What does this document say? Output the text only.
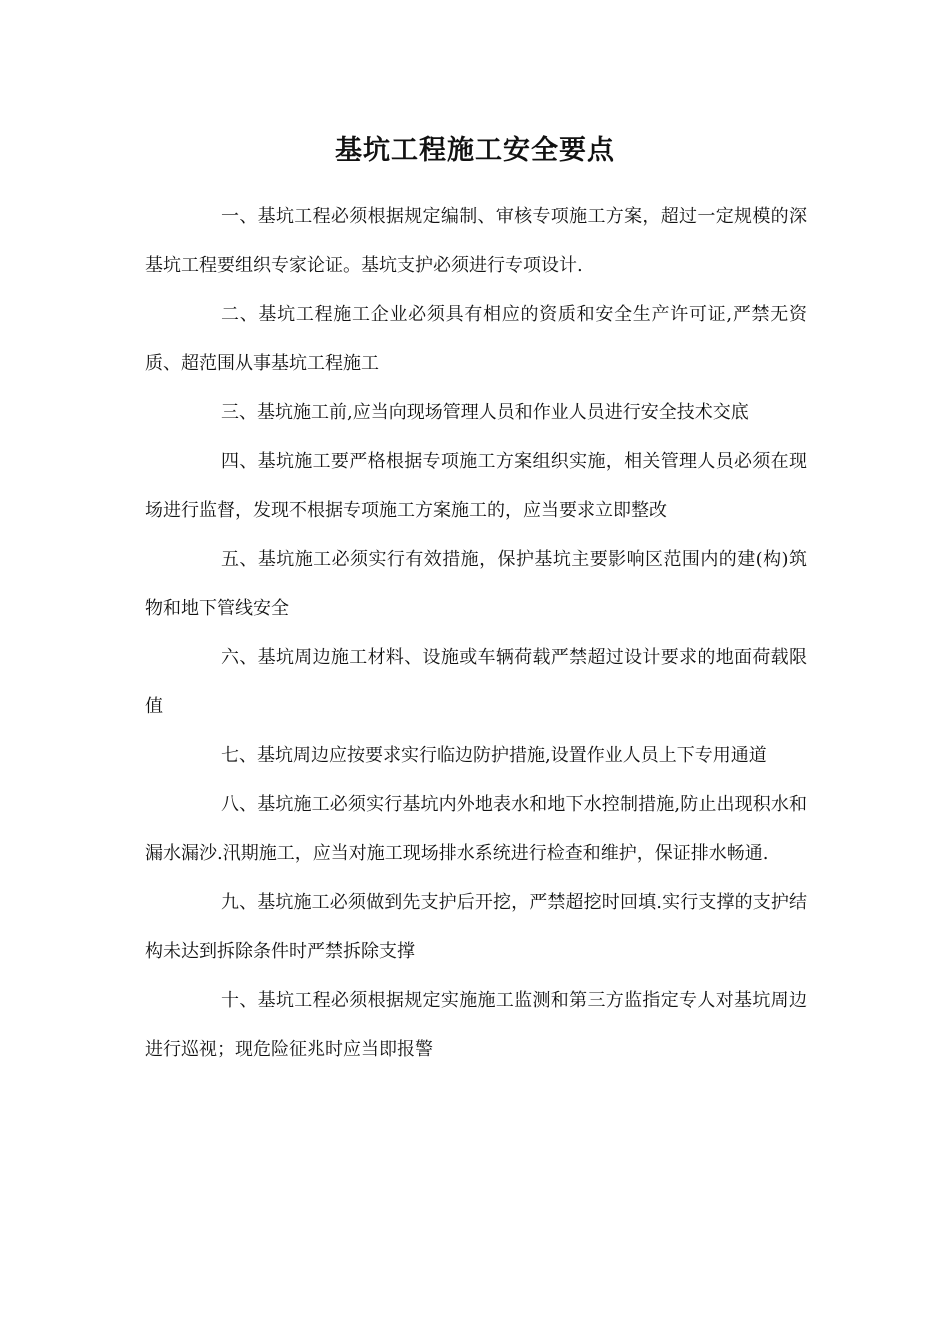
基坑工程施工安全要点

一、基坑工程必须根据规定编制、审核专项施工方案，超过一定规模的深基坑工程要组织专家论证。基坑支护必须进行专项设计.

二、基坑工程施工企业必须具有相应的资质和安全生产许可证,严禁无资质、超范围从事基坑工程施工

三、基坑施工前,应当向现场管理人员和作业人员进行安全技术交底

四、基坑施工要严格根据专项施工方案组织实施，相关管理人员必须在现场进行监督，发现不根据专项施工方案施工的，应当要求立即整改

五、基坑施工必须实行有效措施，保护基坑主要影响区范围内的建(构)筑物和地下管线安全

六、基坑周边施工材料、设施或车辆荷载严禁超过设计要求的地面荷载限值

七、基坑周边应按要求实行临边防护措施,设置作业人员上下专用通道

八、基坑施工必须实行基坑内外地表水和地下水控制措施,防止出现积水和漏水漏沙.汛期施工，应当对施工现场排水系统进行检查和维护，保证排水畅通.

九、基坑施工必须做到先支护后开挖，严禁超挖时回填.实行支撑的支护结构未达到拆除条件时严禁拆除支撑

十、基坑工程必须根据规定实施施工监测和第三方监指定专人对基坑周边进行巡视；现危险征兆时应当即报警
